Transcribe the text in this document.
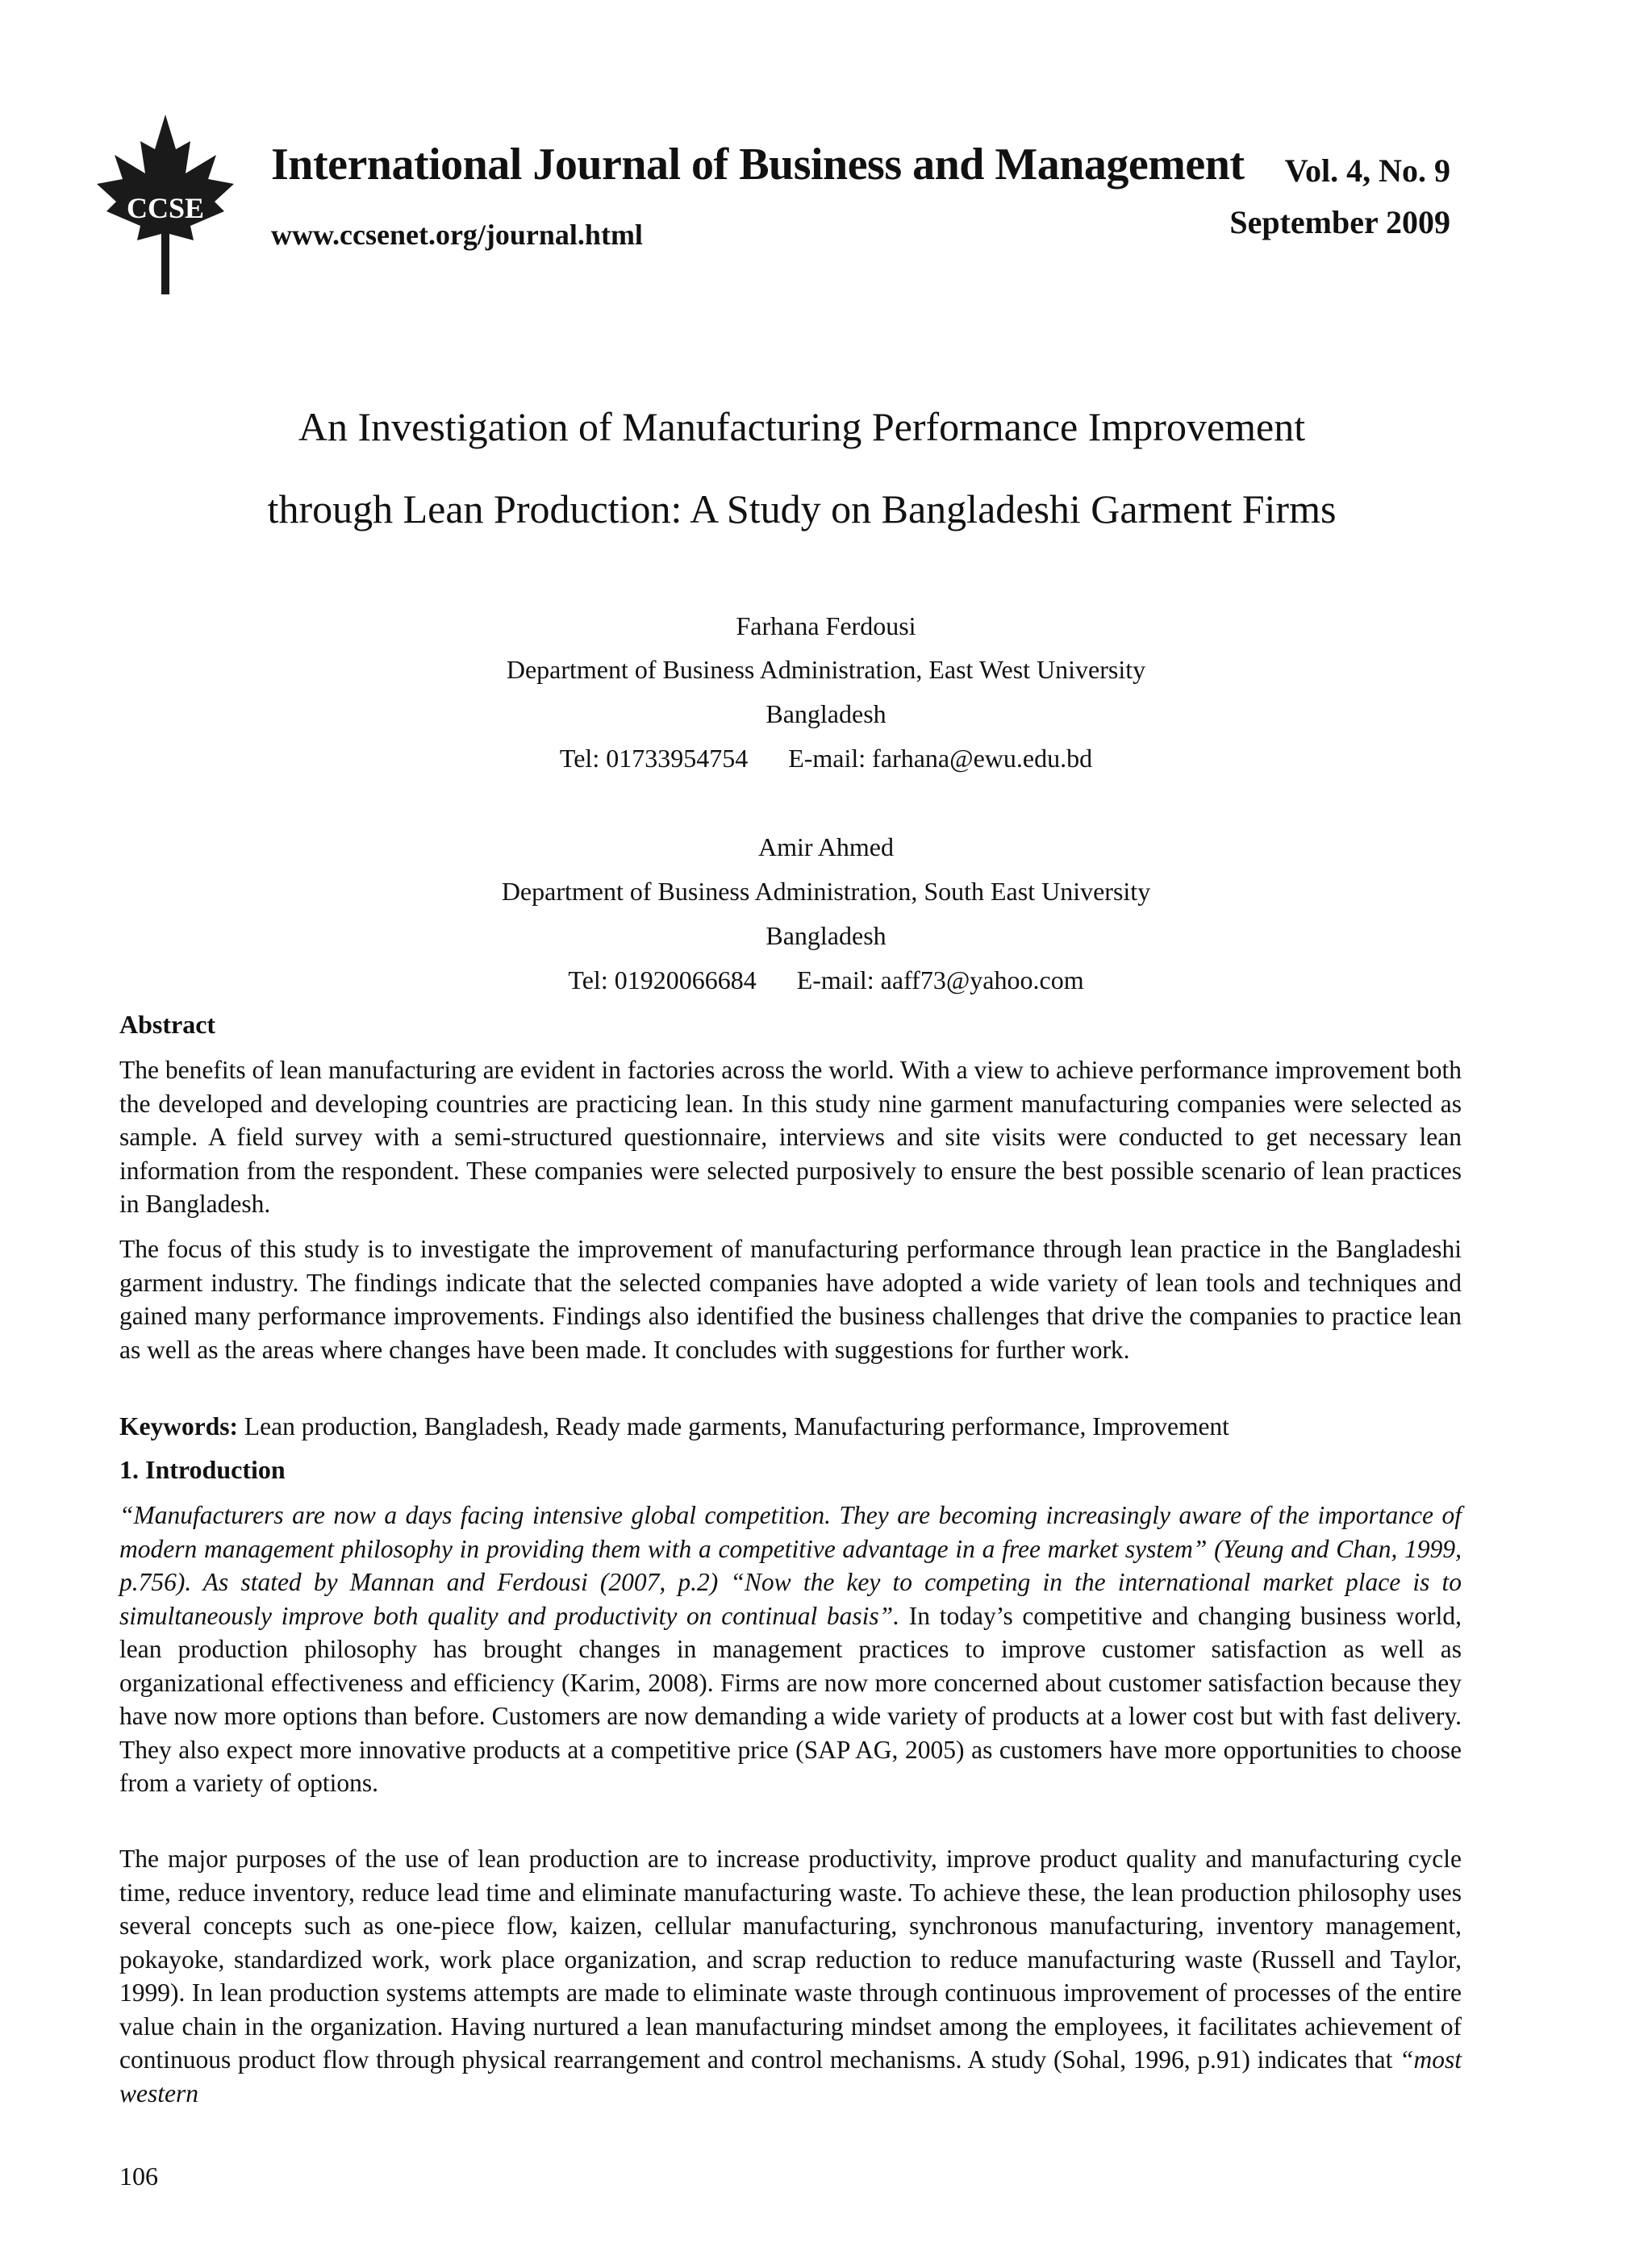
CCSE
International Journal of Business and Management
www.ccsenet.org/journal.html
Vol. 4, No. 9
September 2009
An Investigation of Manufacturing Performance Improvement
through Lean Production: A Study on Bangladeshi Garment Firms
Farhana Ferdousi
Department of Business Administration, East West University
Bangladesh
Tel: 01733954754 E-mail: farhana@ewu.edu.bd
Amir Ahmed
Department of Business Administration, South East University
Bangladesh
Tel: 01920066684 E-mail: aaff73@yahoo.com
Abstract
The benefits of lean manufacturing are evident in factories across the world. With a view to achieve performance improvement both the developed and developing countries are practicing lean. In this study nine garment manufacturing companies were selected as sample. A field survey with a semi-structured questionnaire, interviews and site visits were conducted to get necessary lean information from the respondent. These companies were selected purposively to ensure the best possible scenario of lean practices in Bangladesh.
The focus of this study is to investigate the improvement of manufacturing performance through lean practice in the Bangladeshi garment industry. The findings indicate that the selected companies have adopted a wide variety of lean tools and techniques and gained many performance improvements. Findings also identified the business challenges that drive the companies to practice lean as well as the areas where changes have been made. It concludes with suggestions for further work.
Keywords: Lean production, Bangladesh, Ready made garments, Manufacturing performance, Improvement
1. Introduction
“Manufacturers are now a days facing intensive global competition. They are becoming increasingly aware of the importance of modern management philosophy in providing them with a competitive advantage in a free market system” (Yeung and Chan, 1999, p.756). As stated by Mannan and Ferdousi (2007, p.2) “Now the key to competing in the international market place is to simultaneously improve both quality and productivity on continual basis”. In today’s competitive and changing business world, lean production philosophy has brought changes in management practices to improve customer satisfaction as well as organizational effectiveness and efficiency (Karim, 2008). Firms are now more concerned about customer satisfaction because they have now more options than before. Customers are now demanding a wide variety of products at a lower cost but with fast delivery. They also expect more innovative products at a competitive price (SAP AG, 2005) as customers have more opportunities to choose from a variety of options.
The major purposes of the use of lean production are to increase productivity, improve product quality and manufacturing cycle time, reduce inventory, reduce lead time and eliminate manufacturing waste. To achieve these, the lean production philosophy uses several concepts such as one-piece flow, kaizen, cellular manufacturing, synchronous manufacturing, inventory management, pokayoke, standardized work, work place organization, and scrap reduction to reduce manufacturing waste (Russell and Taylor, 1999). In lean production systems attempts are made to eliminate waste through continuous improvement of processes of the entire value chain in the organization. Having nurtured a lean manufacturing mindset among the employees, it facilitates achievement of continuous product flow through physical rearrangement and control mechanisms. A study (Sohal, 1996, p.91) indicates that “most western
106
